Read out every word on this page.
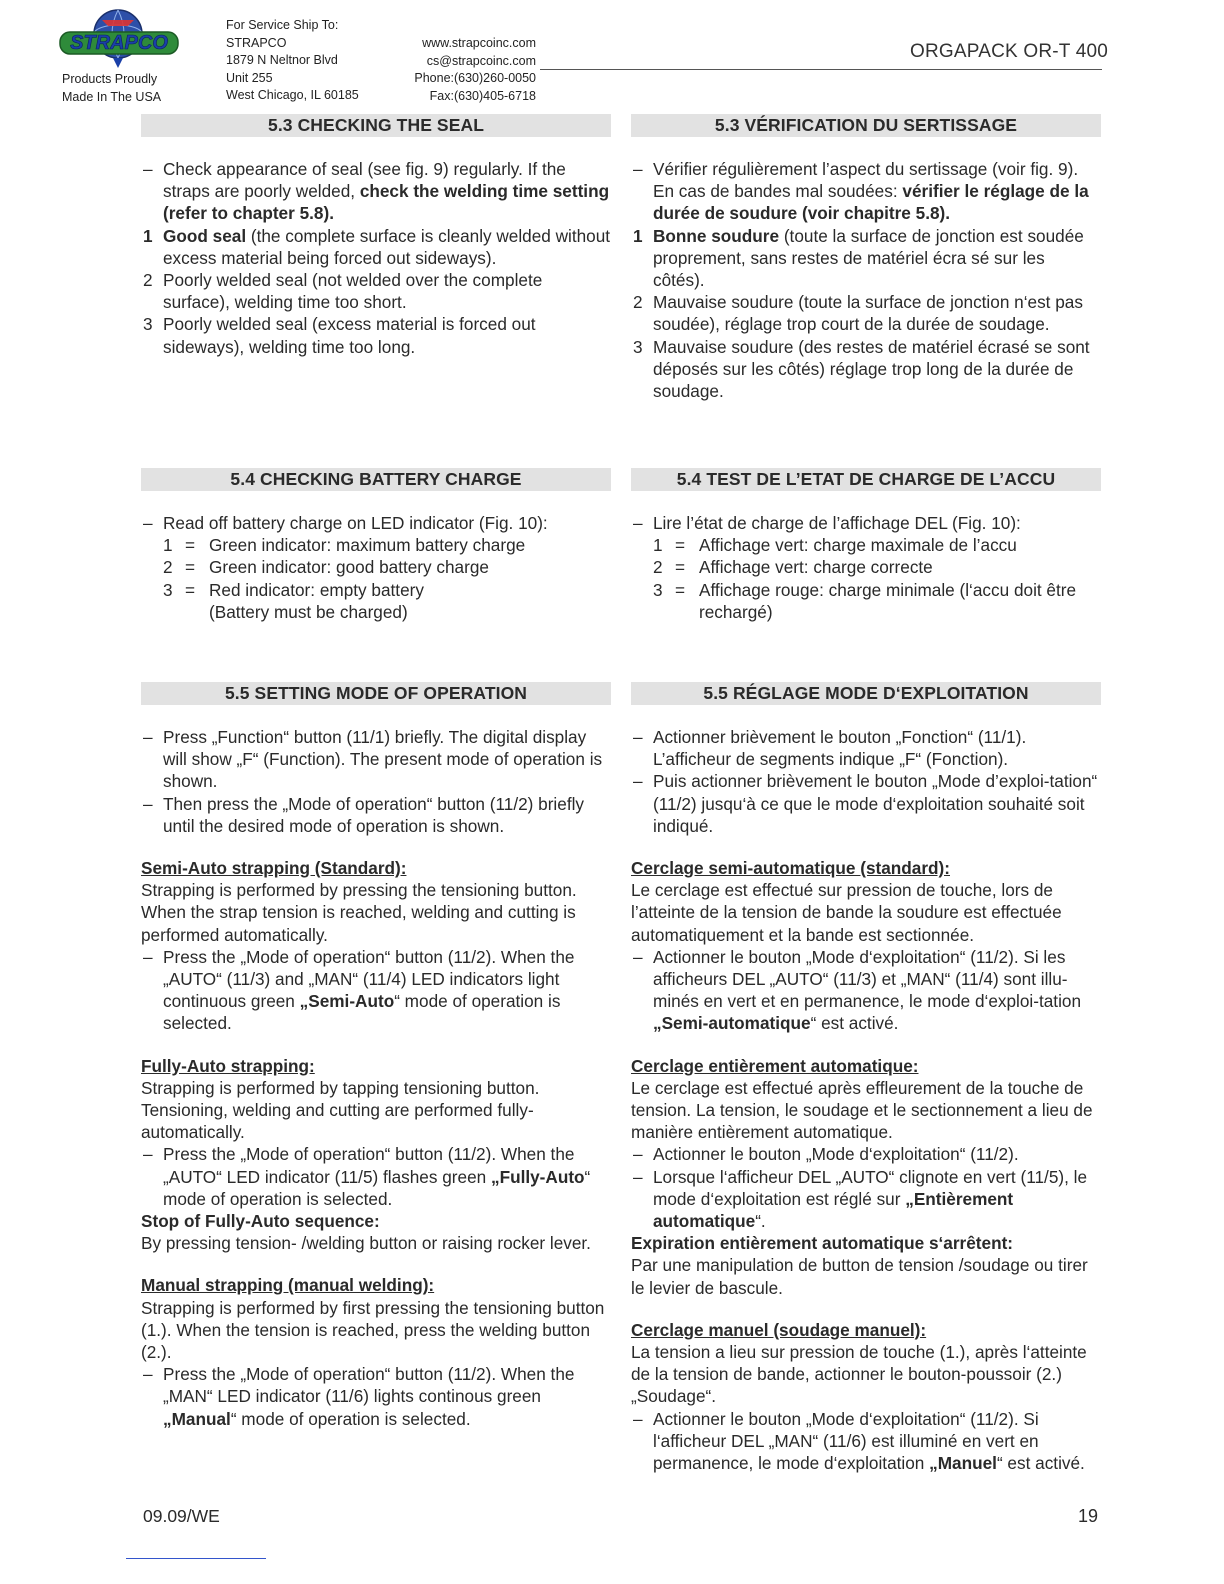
STRAPCO
Products Proudly
Made In The USA
For Service Ship To:
STRAPCO
1879 N Neltnor Blvd
Unit 255
West Chicago, IL 60185
www.strapcoinc.com
cs@strapcoinc.com
Phone:(630)260-0050
Fax:(630)405-6718
ORGAPACK OR-T 400
5.3 CHECKING THE SEAL
– Check appearance of seal (see fig. 9) regularly. If the straps are poorly welded, check the welding time setting (refer to chapter 5.8).
1 Good seal (the complete surface is cleanly welded without excess material being forced out sideways).
2 Poorly welded seal (not welded over the complete surface), welding time too short.
3 Poorly welded seal (excess material is forced out sideways), welding time too long.
5.4 CHECKING BATTERY CHARGE
– Read off battery charge on LED indicator (Fig. 10):
1 = Green indicator: maximum battery charge
2 = Green indicator: good battery charge
3 = Red indicator: empty battery
(Battery must be charged)
5.5 SETTING MODE OF OPERATION
– Press „Function“ button (11/1) briefly. The digital display will show „F“ (Function). The present mode of operation is shown.
– Then press the „Mode of operation“ button (11/2) briefly until the desired mode of operation is shown.
Semi-Auto strapping (Standard):
Strapping is performed by pressing the tensioning button. When the strap tension is reached, welding and cutting is performed automatically.
– Press the „Mode of operation“ button (11/2). When the „AUTO“ (11/3) and „MAN“ (11/4) LED indicators light continuous green „Semi-Auto“ mode of operation is selected.
Fully-Auto strapping:
Strapping is performed by tapping tensioning button. Tensioning, welding and cutting are performed fully-automatically.
– Press the „Mode of operation“ button (11/2). When the „AUTO“ LED indicator (11/5) flashes green „Fully-Auto“ mode of operation is selected.
Stop of Fully-Auto sequence:
By pressing tension- /welding button or raising rocker lever.
Manual strapping (manual welding):
Strapping is performed by first pressing the tensioning button (1.). When the tension is reached, press the welding button (2.).
– Press the „Mode of operation“ button (11/2). When the „MAN“ LED indicator (11/6) lights continous green „Manual“ mode of operation is selected.
5.3 VÉRIFICATION DU SERTISSAGE
– Vérifier régulièrement l’aspect du sertissage (voir fig. 9). En cas de bandes mal soudées: vérifier le réglage de la durée de soudure (voir chapitre 5.8).
1 Bonne soudure (toute la surface de jonction est soudée proprement, sans restes de matériel écra sé sur les côtés).
2 Mauvaise soudure (toute la surface de jonction n‘est pas soudée), réglage trop court de la durée de soudage.
3 Mauvaise soudure (des restes de matériel écrasé se sont déposés sur les côtés) réglage trop long de la durée de soudage.
5.4 TEST DE L’ETAT DE CHARGE DE L’ACCU
– Lire l’état de charge de l’affichage DEL (Fig. 10):
1 = Affichage vert: charge maximale de l’accu
2 = Affichage vert: charge correcte
3 = Affichage rouge: charge minimale (l‘accu doit être rechargé)
5.5 RÉGLAGE MODE D‘EXPLOITATION
– Actionner brièvement le bouton „Fonction“ (11/1). L’afficheur de segments indique „F“ (Fonction).
– Puis actionner brièvement le bouton „Mode d’exploi-tation“ (11/2) jusqu‘à ce que le mode d‘exploitation souhaité soit indiqué.
Cerclage semi-automatique (standard):
Le cerclage est effectué sur pression de touche, lors de l’atteinte de la tension de bande la soudure est effectuée automatiquement et la bande est sectionnée.
– Actionner le bouton „Mode d‘exploitation“ (11/2). Si les afficheurs DEL „AUTO“ (11/3) et „MAN“ (11/4) sont illu-minés en vert et en permanence, le mode d‘exploi-tation „Semi-automatique“ est activé.
Cerclage entièrement automatique:
Le cerclage est effectué après effleurement de la touche de tension. La tension, le soudage et le sectionnement a lieu de manière entièrement automatique.
– Actionner le bouton „Mode d‘exploitation“ (11/2).
– Lorsque l‘afficheur DEL „AUTO“ clignote en vert (11/5), le mode d‘exploitation est réglé sur „Entièrement automatique“.
Expiration entièrement automatique s‘arrêtent:
Par une manipulation de button de tension /soudage ou tirer le levier de bascule.
Cerclage manuel (soudage manuel):
La tension a lieu sur pression de touche (1.), après l‘atteinte de la tension de bande, actionner le bouton-poussoir (2.) „Soudage“.
– Actionner le bouton „Mode d‘exploitation“ (11/2). Si l‘afficheur DEL „MAN“ (11/6) est illuminé en vert en permanence, le mode d‘exploitation „Manuel“ est activé.
09.09/WE	19
